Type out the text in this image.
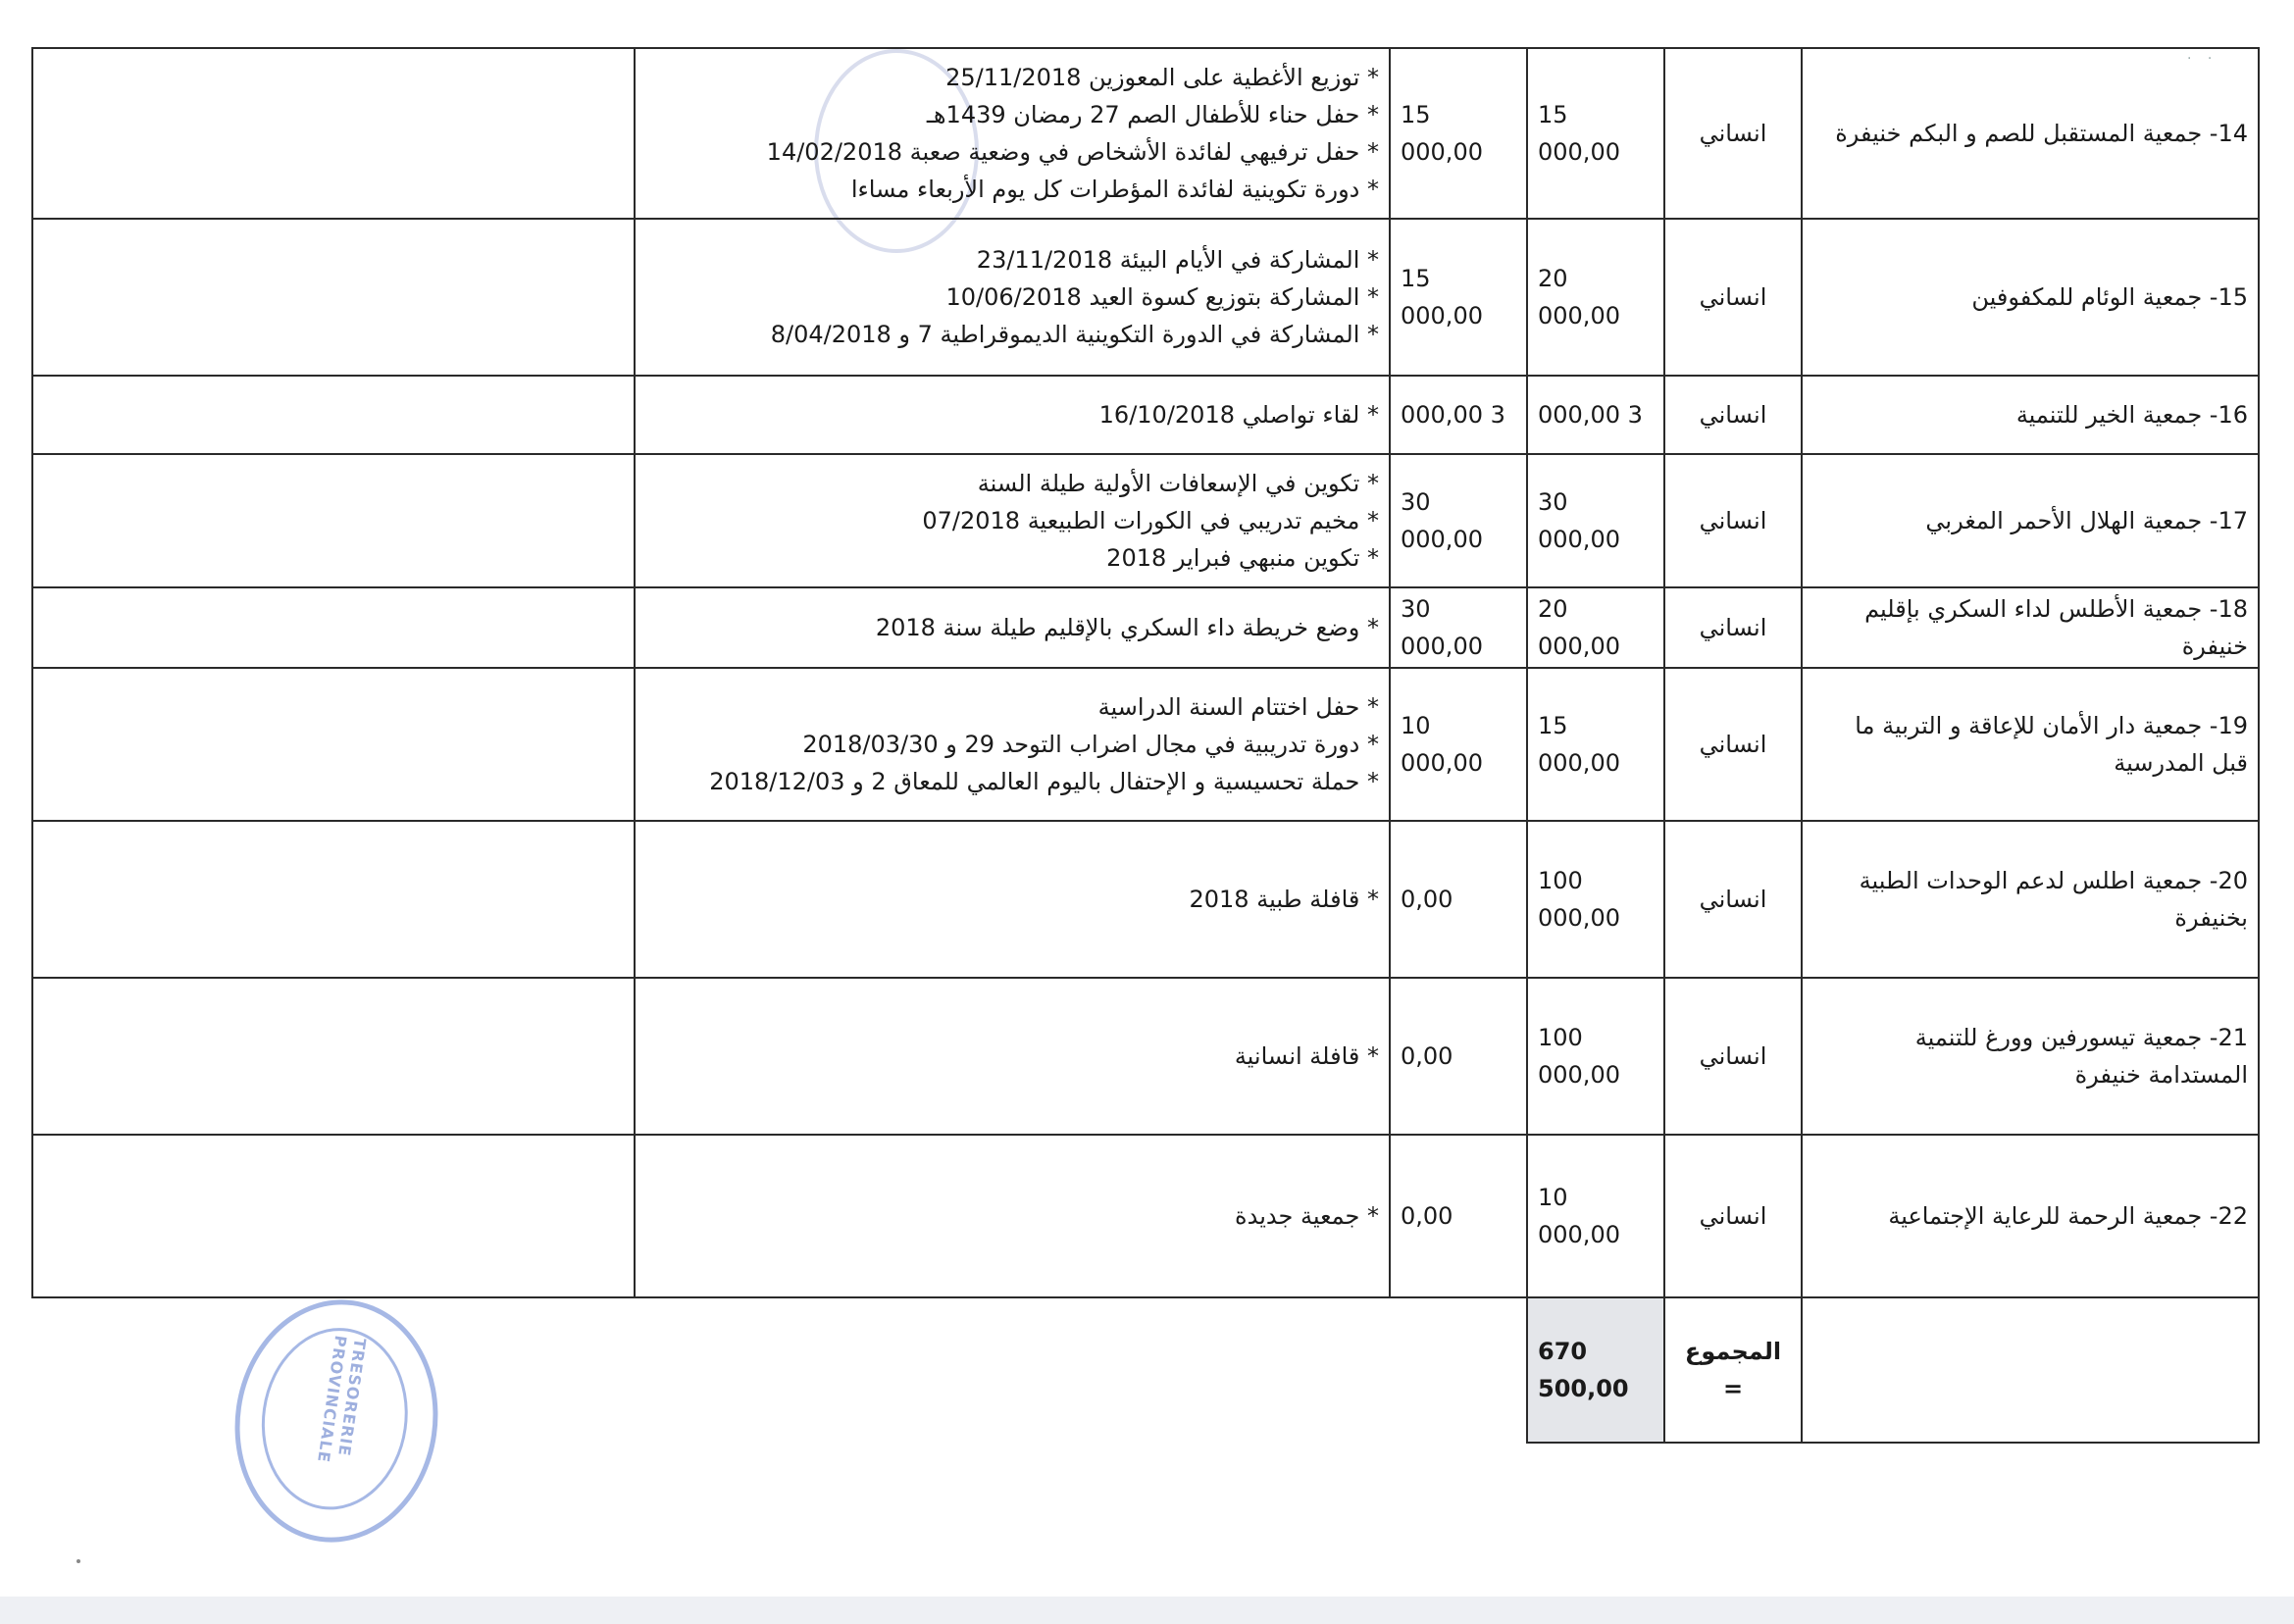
· ·
14- جمعية المستقبل للصم و البكم خنيفرة	انساني	15 000,00	15 000,00	* توزيع الأغطية على المعوزين 25/11/2018
* حفل حناء للأطفال الصم 27 رمضان 1439هـ
* حفل ترفيهي لفائدة الأشخاص في وضعية صعبة 14/02/2018
* دورة تكوينية لفائدة المؤطرات كل يوم الأربعاء مساءا	

15- جمعية الوئام للمكفوفين	انساني	20 000,00	15 000,00	* المشاركة في الأيام البيئة 23/11/2018
* المشاركة بتوزيع كسوة العيد 10/06/2018
* المشاركة في الدورة التكوينية الديموقراطية 7 و 8/04/2018	

16- جمعية الخير للتنمية	انساني	3 000,00	3 000,00	* لقاء تواصلي 16/10/2018	

17- جمعية الهلال الأحمر المغربي	انساني	30 000,00	30 000,00	* تكوين في الإسعافات الأولية طيلة السنة
* مخيم تدريبي في الكورات الطبيعية 07/2018
* تكوين منبهي فبراير 2018	

18- جمعية الأطلس لداء السكري بإقليم خنيفرة	انساني	20 000,00	30 000,00	* وضع خريطة داء السكري بالإقليم طيلة سنة 2018	

19- جمعية دار الأمان للإعاقة و التربية ما قبل المدرسية	انساني	15 000,00	10 000,00	* حفل اختتام السنة الدراسية
* دورة تدريبية في مجال اضراب التوحد 29 و 2018/03/30
* حملة تحسيسية و الإحتفال باليوم العالمي للمعاق 2 و 2018/12/03	

20- جمعية اطلس لدعم الوحدات الطبية بخنيفرة	انساني	100 000,00	0,00	* قافلة طبية 2018	

21- جمعية تيسورفين وورغ للتنمية المستدامة خنيفرة	انساني	100 000,00	0,00	* قافلة انسانية	

22- جمعية الرحمة للرعاية الإجتماعية	انساني	10 000,00	0,00	* جمعية جديدة	

	المجموع =	670 500,00			
TRESORERIE PROVINCIALE
